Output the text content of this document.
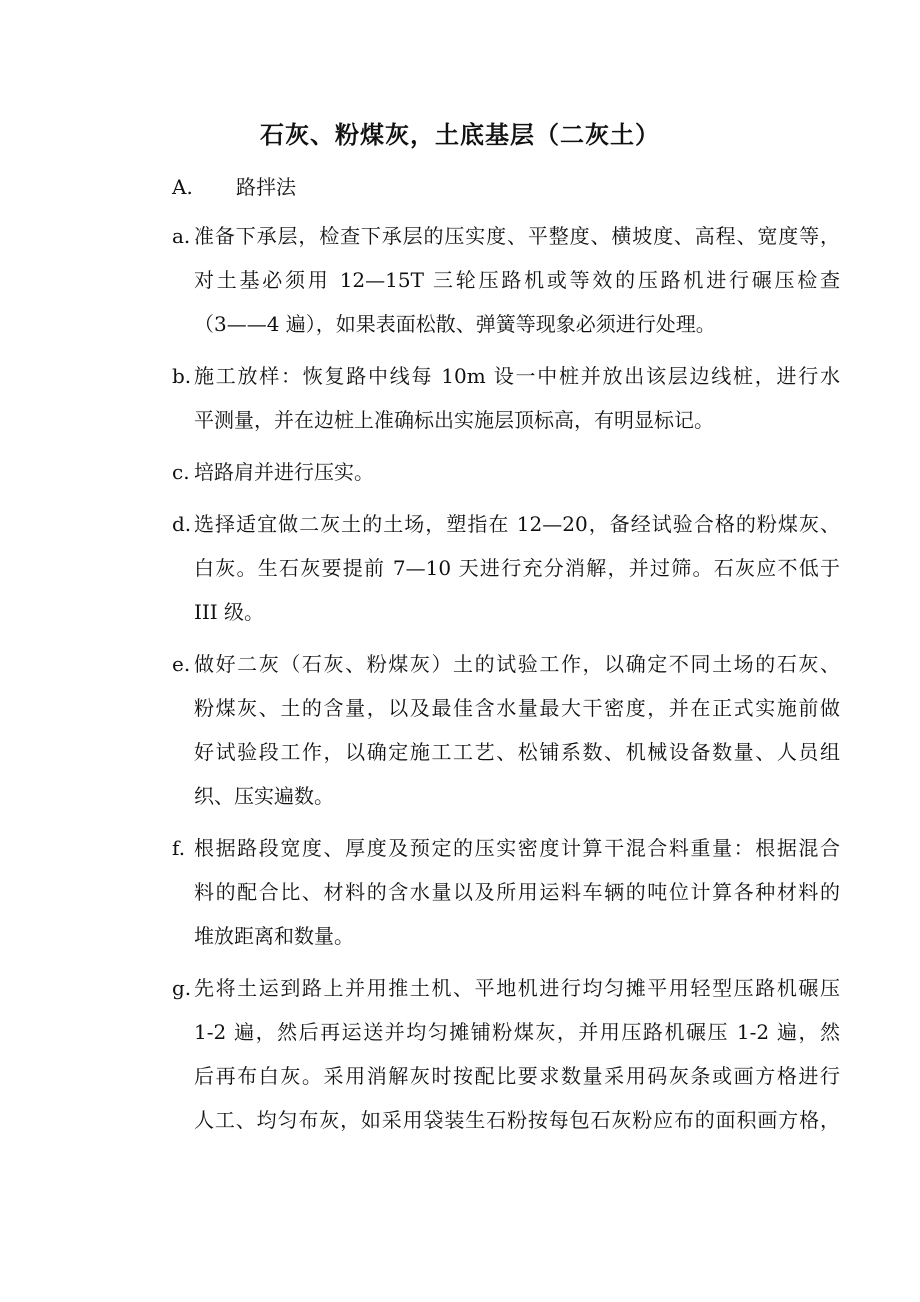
石灰、粉煤灰，土底基层（二灰土）
A. 路拌法
a. 准备下承层，检查下承层的压实度、平整度、横坡度、高程、宽度等，
对土基必须用 12—15T 三轮压路机或等效的压路机进行碾压检查
（3——4 遍），如果表面松散、弹簧等现象必须进行处理。
b. 施工放样：恢复路中线每 10m 设一中桩并放出该层边线桩，进行水
平测量，并在边桩上准确标出实施层顶标高，有明显标记。
c. 培路肩并进行压实。
d. 选择适宜做二灰土的土场，塑指在 12—20，备经试验合格的粉煤灰、
白灰。生石灰要提前 7—10 天进行充分消解，并过筛。石灰应不低于
III 级。
e. 做好二灰（石灰、粉煤灰）土的试验工作，以确定不同土场的石灰、
粉煤灰、土的含量，以及最佳含水量最大干密度，并在正式实施前做
好试验段工作，以确定施工工艺、松铺系数、机械设备数量、人员组
织、压实遍数。
f. 根据路段宽度、厚度及预定的压实密度计算干混合料重量：根据混合
料的配合比、材料的含水量以及所用运料车辆的吨位计算各种材料的
堆放距离和数量。
g. 先将土运到路上并用推土机、平地机进行均匀摊平用轻型压路机碾压
1-2 遍，然后再运送并均匀摊铺粉煤灰，并用压路机碾压 1-2 遍，然
后再布白灰。采用消解灰时按配比要求数量采用码灰条或画方格进行
人工、均匀布灰，如采用袋装生石粉按每包石灰粉应布的面积画方格，
